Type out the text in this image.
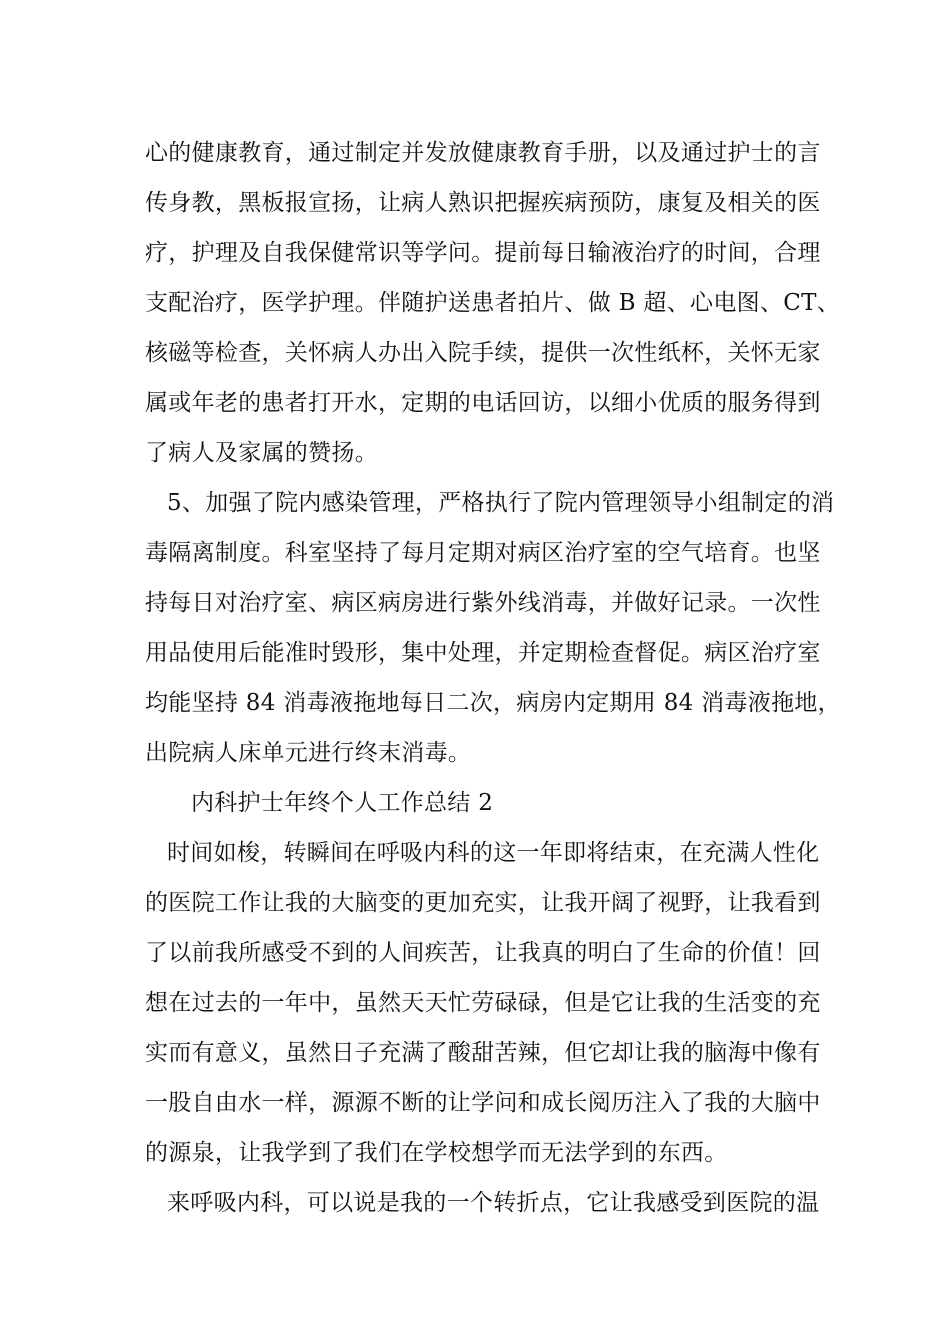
心的健康教育，通过制定并发放健康教育手册，以及通过护士的言
传身教，黑板报宣扬，让病人熟识把握疾病预防，康复及相关的医
疗，护理及自我保健常识等学问。提前每日输液治疗的时间，合理
支配治疗，医学护理。伴随护送患者拍片、做 B 超、心电图、CT、
核磁等检查，关怀病人办出入院手续，提供一次性纸杯，关怀无家
属或年老的患者打开水，定期的电话回访，以细小优质的服务得到
了病人及家属的赞扬。
5、加强了院内感染管理，严格执行了院内管理领导小组制定的消
毒隔离制度。科室坚持了每月定期对病区治疗室的空气培育。也坚
持每日对治疗室、病区病房进行紫外线消毒，并做好记录。一次性
用品使用后能准时毁形，集中处理，并定期检查督促。病区治疗室
均能坚持 84 消毒液拖地每日二次，病房内定期用 84 消毒液拖地，
出院病人床单元进行终末消毒。
内科护士年终个人工作总结 2
时间如梭，转瞬间在呼吸内科的这一年即将结束，在充满人性化
的医院工作让我的大脑变的更加充实，让我开阔了视野，让我看到
了以前我所感受不到的人间疾苦，让我真的明白了生命的价值！回
想在过去的一年中，虽然天天忙劳碌碌，但是它让我的生活变的充
实而有意义，虽然日子充满了酸甜苦辣，但它却让我的脑海中像有
一股自由水一样，源源不断的让学问和成长阅历注入了我的大脑中
的源泉，让我学到了我们在学校想学而无法学到的东西。
来呼吸内科，可以说是我的一个转折点，它让我感受到医院的温
